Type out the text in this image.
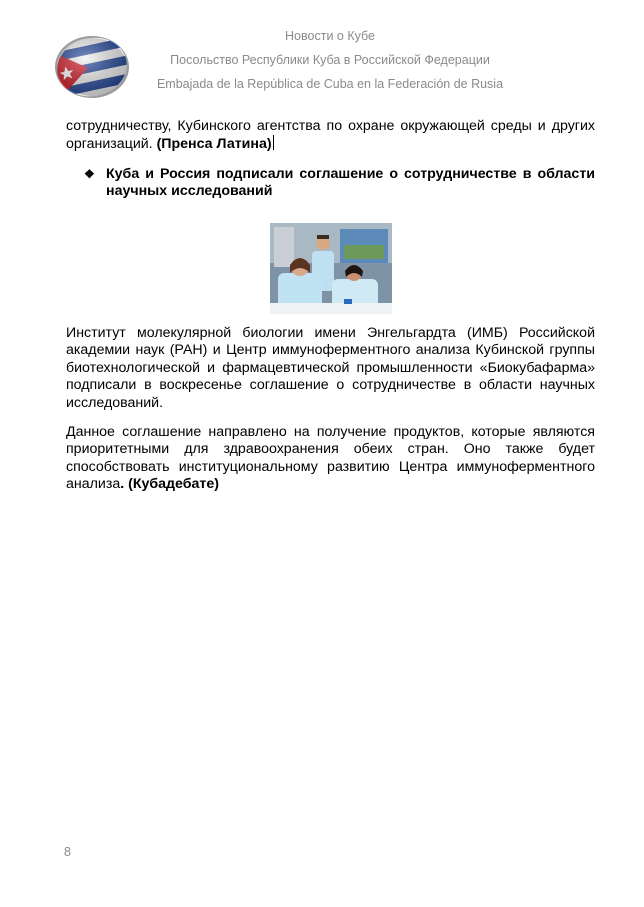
Новости о Кубе
Посольство Республики Куба в Российской Федерации
Embajada de la República de Cuba en la Federación de Rusia

сотрудничеству, Кубинского агентства по охране окружающей среды и других организаций. (Пренса Латина)

❖ Куба и Россия подписали соглашение о сотрудничестве в области научных исследований

Институт молекулярной биологии имени Энгельгардта (ИМБ) Российской академии наук (РАН) и Центр иммуноферментного анализа Кубинской группы биотехнологической и фармацевтической промышленности «Биокубафарма» подписали в воскресенье соглашение о сотрудничестве в области научных исследований.

Данное соглашение направлено на получение продуктов, которые являются приоритетными для здравоохранения обеих стран. Оно также будет способствовать институциональному развитию Центра иммуноферментного анализа. (Кубадебате)

8
